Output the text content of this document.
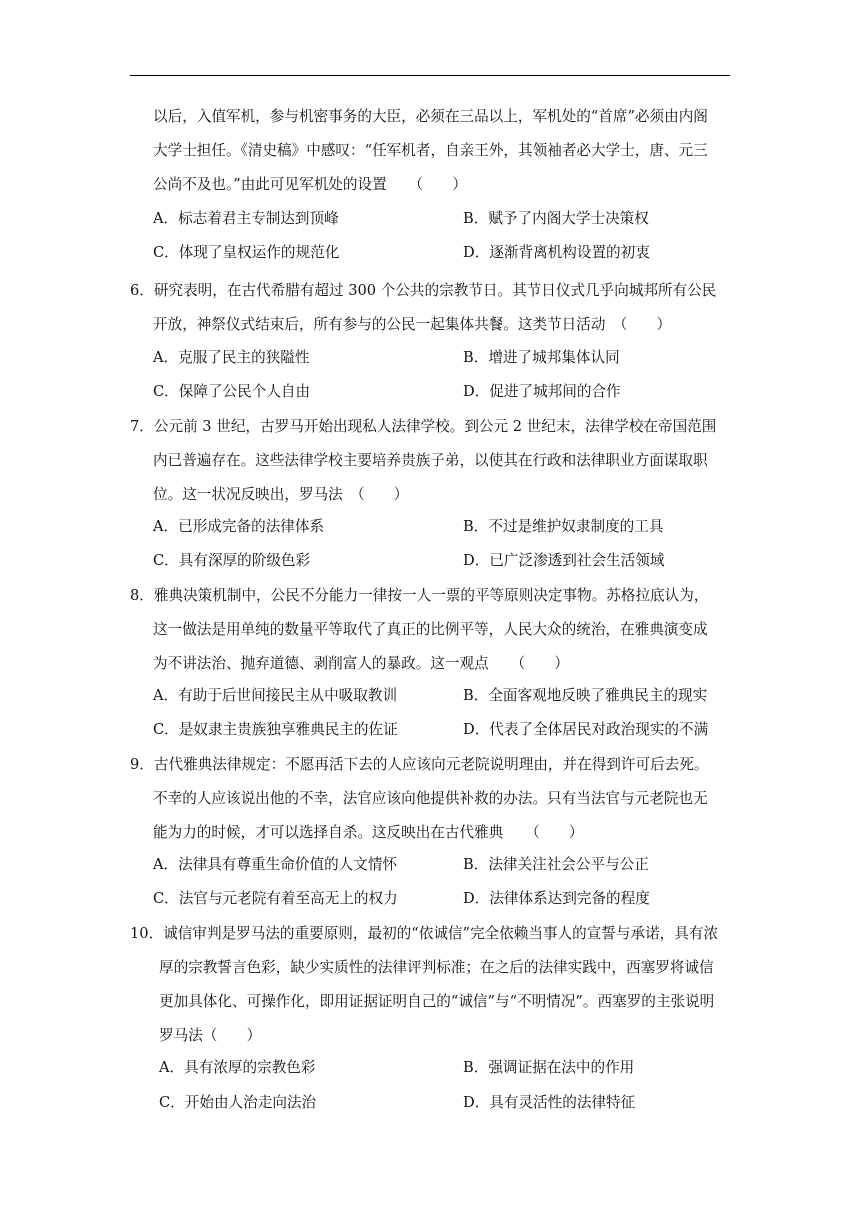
以后，入值军机，参与机密事务的大臣，必须在三品以上，军机处的“首席”必须由内阁
大学士担任。《清史稿》中感叹：“任军机者，自亲王外，其领袖者必大学士，唐、元三
公尚不及也。”由此可见军机处的设置　　（　　）
A．标志着君主专制达到顶峰	B．赋予了内阁大学士决策权
C．体现了皇权运作的规范化	D．逐渐背离机构设置的初衷
6．研究表明，在古代希腊有超过 300 个公共的宗教节日。其节日仪式几乎向城邦所有公民
开放，神祭仪式结束后，所有参与的公民一起集体共餐。这类节日活动　（　　）
A．克服了民主的狭隘性	B．增进了城邦集体认同
C．保障了公民个人自由	D．促进了城邦间的合作
7．公元前 3 世纪，古罗马开始出现私人法律学校。到公元 2 世纪末，法律学校在帝国范围
内已普遍存在。这些法律学校主要培养贵族子弟，以使其在行政和法律职业方面谋取职
位。这一状况反映出，罗马法　（　　）
A．已形成完备的法律体系	B．不过是维护奴隶制度的工具
C．具有深厚的阶级色彩	D．已广泛渗透到社会生活领域
8．雅典决策机制中，公民不分能力一律按一人一票的平等原则决定事物。苏格拉底认为，
这一做法是用单纯的数量平等取代了真正的比例平等，人民大众的统治，在雅典演变成
为不讲法治、抛弃道德、剥削富人的暴政。这一观点　　（　　）
A．有助于后世间接民主从中吸取教训	B．全面客观地反映了雅典民主的现实
C．是奴隶主贵族独享雅典民主的佐证	D．代表了全体居民对政治现实的不满
9．古代雅典法律规定：不愿再活下去的人应该向元老院说明理由，并在得到许可后去死。
不幸的人应该说出他的不幸，法官应该向他提供补救的办法。只有当法官与元老院也无
能为力的时候，才可以选择自杀。这反映出在古代雅典　　（　　）
A．法律具有尊重生命价值的人文情怀	B．法律关注社会公平与公正
C．法官与元老院有着至高无上的权力	D．法律体系达到完备的程度
10．诚信审判是罗马法的重要原则，最初的“依诚信”完全依赖当事人的宣誓与承诺，具有浓
厚的宗教誓言色彩，缺少实质性的法律评判标准；在之后的法律实践中，西塞罗将诚信
更加具体化、可操作化，即用证据证明自己的“诚信”与“不明情况”。西塞罗的主张说明
罗马法（　　）
A．具有浓厚的宗教色彩	B．强调证据在法中的作用
C．开始由人治走向法治	D．具有灵活性的法律特征
